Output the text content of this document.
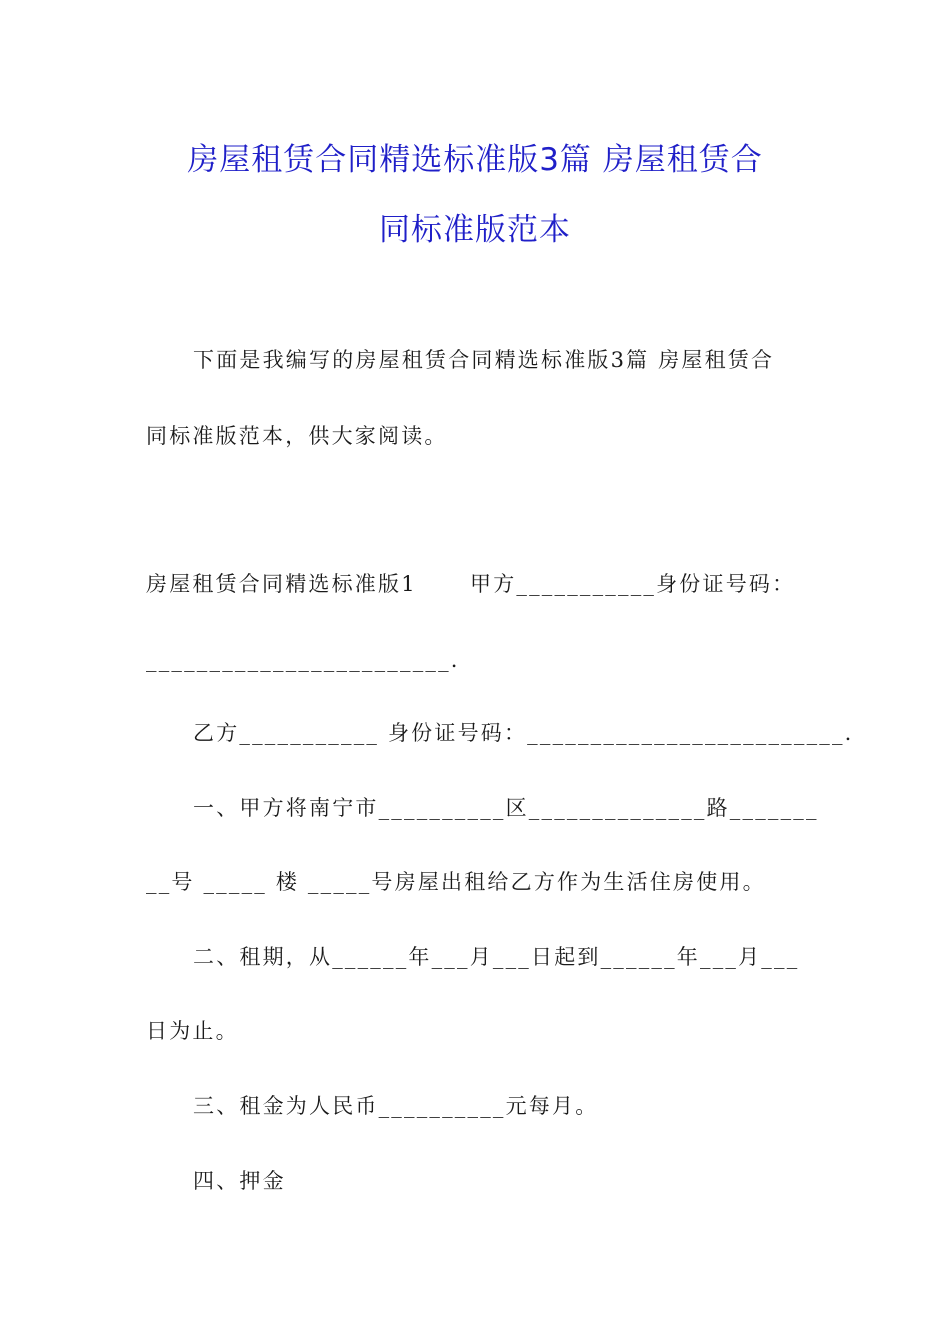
房屋租赁合同精选标准版3篇 房屋租赁合
同标准版范本
下面是我编写的房屋租赁合同精选标准版3篇 房屋租赁合
同标准版范本，供大家阅读。
房屋租赁合同精选标准版1      甲方___________身份证号码：
________________________.
乙方___________ 身份证号码：_________________________.
一、甲方将南宁市__________区______________路_______
__号 _____ 楼 _____号房屋出租给乙方作为生活住房使用。
二、租期，从______年___月___日起到______年___月___
日为止。
三、租金为人民币__________元每月。
四、押金
